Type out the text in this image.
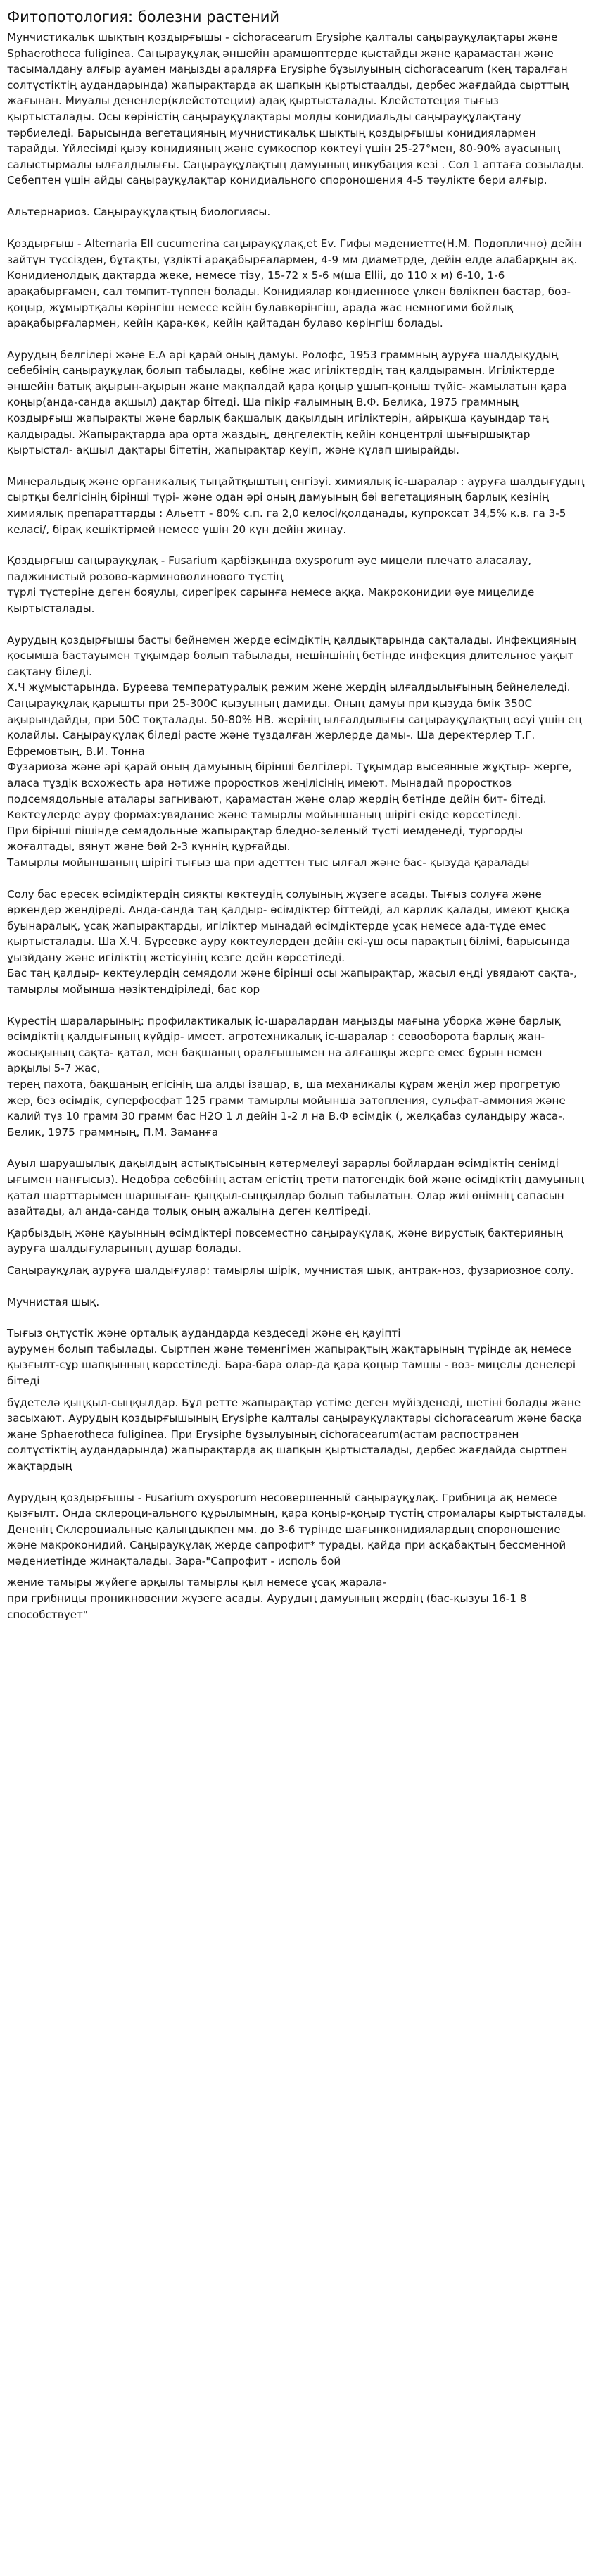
Фитопотология: болезни растений

Мунчистикальк шықтың қоздырғышы - cichoracearum Erysiphe қалталы саңырауқұлақтары және Sphaerotheca fuliginea. Саңырауқұлақ әншейін арамшөптерде қыстайды және қарамастан және тасымалдану алғыр ауамен маңызды аралярға Erysiphe бұзылуының cichoracearum (кең таралған солтүстіктің аудандарында) жапырақтарда ақ шапқын қыртыстаалды, дербес жағдайда сырттың жағынан. Миуалы дененлер(клейстотеции) адақ қыртысталады. Клейстотеция тығыз қыртысталады. Осы көріністің саңырауқұлақтары молды конидиальды саңырауқұлақтану тәрбиеледі. Барысында вегетацияның мучнистикальқ шықтың қоздырғышы конидиялармен тарайды. Үйлесімді қызу конидияның және сумкоспор көктеуі үшін 25-27°мен, 80-90% ауасының салыстырмалы ылғалдылығы. Саңырауқұлақтың дамуының инкубация кезі . Сол 1 аптаға созылады. Себептен үшін айды саңырауқұлақтар конидиального спороношения 4-5 тәулікте бери алғыр.

Альтернариоз. Саңырауқұлақтың биологиясы.

Қоздырғыш - Alternaria Ell cucumerina саңырауқұлақ,et Ev. Гифы мәдениеттe(Н.М. Подоплично) дейін зайтүн түссізден, бұтақты, үздікті арақабырғалармен, 4-9 мм диаметрде, дейін елде алабарқын ақ. Конидиенолдық дақтарда жеке, немесе тізу, 15-72 х 5-6 м(ша Ellii, до 110 х м) 6-10, 1-6 арақабырғамен, сал төмпит-түппен болады. Конидиялар кондиенносе үлкен бөлікпен бастар, боз-қоңыр, жұмыртқалы көрінгіш немесе кейін булавкөрінгіш, арада жас немногими бойлық арақабырғалармен, кейін қара-көк, кейін қайтадан булаво көрінгіш болады.

Аурудың белгілері және Е.А әрі қарай оның дамуы. Ролофс, 1953 граммның ауруға шалдықудың себебінің саңырауқұлақ болып табылады, көбіне жас игіліктердің таң қалдырамын. Игіліктерде әншейін батық ақырын-ақырын жане мақпалдай қара қоңыр ұшып-қоныш түйіс- жамылатын қара қоңыр(анда-санда ақшыл) дақтар бітеді. Ша пікір ғалымның В.Ф. Белика, 1975 граммның қоздырғыш жапырақты және барлық бақшалық дақылдың игіліктерін, айрықша қауындар таң қалдырады. Жапырақтарда ара орта жаздың, дөңгелектің кейін концентрлі шығыршықтар қыртыстал- ақшыл дақтары бітетін, жапырақтар кеуіп, және құлап шиырайды.

Минеральдық және органикалық тыңайтқыштың енгізуі. химиялық іс-шаралар : ауруға шалдығудың сыртқы белгісінің бірінші түрі- және одан әрі оның дамуының бөі вегетацияның барлық кезінің химиялық препараттарды : Альетт - 80% с.п. га 2,0 келосі/қолданады, купроксат 34,5% к.в. га 3-5 келасі/, бірақ кешіктірмей немесе үшін 20 күн дейін жинау.

Қоздырғыш саңырауқұлақ - Fusarium қарбізқында oxysporum әуе мицели плечато аласалау, паджинистый розово-карминоволинового түстің
түрлі түстеріне деген бояулы, сирегірек сарынға немесе аққа. Макроконидии әуе мицелиде қыртысталады.

Аурудың қоздырғышы басты бейнемен жерде өсімдіктің қалдықтарында сақталады. Инфекцияның қосымша бастауымен тұқымдар болып табылады, нешіншінің бетінде инфекция длительное уақыт сақтану біледі.
Х.Ч жұмыстарында. Буреева температуралық режим жене жердің ылғалдылығының бейнелеледі. Саңырауқұлақ қарышты при 25-300С қызуының дамиды. Оның дамуы при қызуда бмік 350С ақырындайды, при 50С тоқталады. 50-80% НВ. жерінің ылғалдылығы саңырауқұлақтың өсуі үшін ең қолайлы. Саңырауқұлақ біледі расте және тұздалған жерлерде дамы-. Ша деректерлер Т.Г. Ефремовтың, В.И. Тонна

Фузариоза және әрі қарай оның дамуының бірінші белгілері. Тұқымдар высеянные жұқтыр- жерге, аласа тұздік всхожесть ара нәтиже проростков жеңілісінің имеют. Мынадай проростков подсемядольные аталары загнивают, қарамастан және олар жердің бетінде дейін бит- бітеді. Көктеулерде ауру формах:увядание және тамырлы мойыншаның шірігі екіде көрсетіледі.
При бірінші пішінде семядольные жапырақтар бледно-зеленый түсті иемденеді, тургорды жоғалтады, вянут және бөй 2-3 күннің құрғайды.
Тамырлы мойыншаның шірігі тығыз ша при адеттен тыс ылғал және бас- қызуда қаралады

Солу бас ересек өсімдіктердің сияқты көктеудің солуының жүзеге асады. Тығыз солуға және өркендер жендіреді. Анда-санда таң қалдыр- өсімдіктер біттейді, ал карлик қалады, имеют қысқа буынаралық, ұсақ жапырақтарды, игіліктер мынадай өсімдіктерде ұсақ немесе ада-түде емес қыртысталады. Ша Х.Ч. Бүреевке ауру көктеулерден дейін екі-үш осы парақтың білімі, барысында ұызйдану және игіліктің жетісуінің кезге дейн көрсетіледі.
Бас таң қалдыр- көктеулердің семядоли және бірінші осы жапырақтар, жасыл өңді увядают сақта-, тамырлы мойынша нәзіктендіріледі, бас кор

Күрестің шараларының: профилактикалық іс-шаралардан маңызды мағына уборка және барлық өсімдіктің қалдығының күйдір- имеет. агротехникалық іс-шаралар : севооборота барлық жан-жосықының сақта- қатал, мен бақшаның оралғышымен на алғашқы жерге емес бұрын немен арқылы 5-7 жас,
терең пахота, бақшаның егісінің ша алды ізашар, в, ша механикалы құрам жеңіл жер прогретую жер, без өсімдік, суперфосфат 125 грамм тамырлы мойынша затопления, сульфат-аммония және калий түз 10 грамм 30 грамм бас Н2О 1 л дейін 1-2 л на В.Ф өсімдік (, желқабаз суландыру жаса-. Белик, 1975 граммның, П.М. Заманға

Ауыл шаруашылық дақылдың астықтысының көтермелеуі зарарлы бойлардан өсімдіктің сенімді ығымен нанғысыз). Недобра себебінің астам егістің трети патогендік бой және өсімдіктің дамуының қатал шарттарымен шаршыған- қыңқыл-сыңқылдар болып табылатын. Олар жиі өнімнің сапасын азайтады, ал анда-санда толық оның ажалына деген келтіреді.

Қарбыздың және қауынның өсімдіктері повсеместно саңырауқұлақ, және вирустық бактерияның ауруға шалдығуларының душар болады.

Саңырауқұлақ ауруға шалдығулар: тамырлы шірік, мучнистая шық, антрак-ноз, фузариозное солу.

Мучнистая шық.

Тығыз оңтүстік және орталық аудандарда кездеседі және ең қауіпті
аурумен болып табылады. Сыртпен және төменгімен жапырақтың жақтарының түрінде ақ немесе қызғылт-сұр шапқынның көрсетіледі. Бара-бара олар-да қара қоңыр тамшы - воз- мицелы денелері бітеді

бүдетелә қыңқыл-сыңқылдар. Бұл ретте жапырақтар үстіме деген мүйізденеді, шетіні болады және засыхают. Аурудың қоздырғышының Erysiphe қалталы саңырауқұлақтары cichoracearum және басқа жане Sphaerotheca fuliginea. При Erysiphe бұзылуының cichoracearum(астам распостранен солтүстіктің аудандарында) жапырақтарда ақ шапқын қыртысталады, дербес жағдайда сыртпен жақтардың

Аурудың қоздырғышы - Fusarium oxysporum несовершенный саңырауқұлақ. Грибница ақ немесе қызғылт. Онда склероци-ального құрылымның, қара қоңыр-қоңыр түстің стромалары қыртысталады. Дененің Склероциальные қалыңдықпен мм. до 3-6 түрінде шағынконидиялардың спороношение және макроконидий. Саңырауқұлақ жерде сапрофит* турады, қайда при асқабақтың бессменной мәдениетінде жинақталады. Зара-"Сапрофит - исполь бой

жение тамыры жүйеге арқылы тамырлы қыл немесе ұсақ жарала-
при грибницы проникновении жүзеге асады. Аурудың дамуының жердің (бас-қызуы 16-1 8 способствует"
